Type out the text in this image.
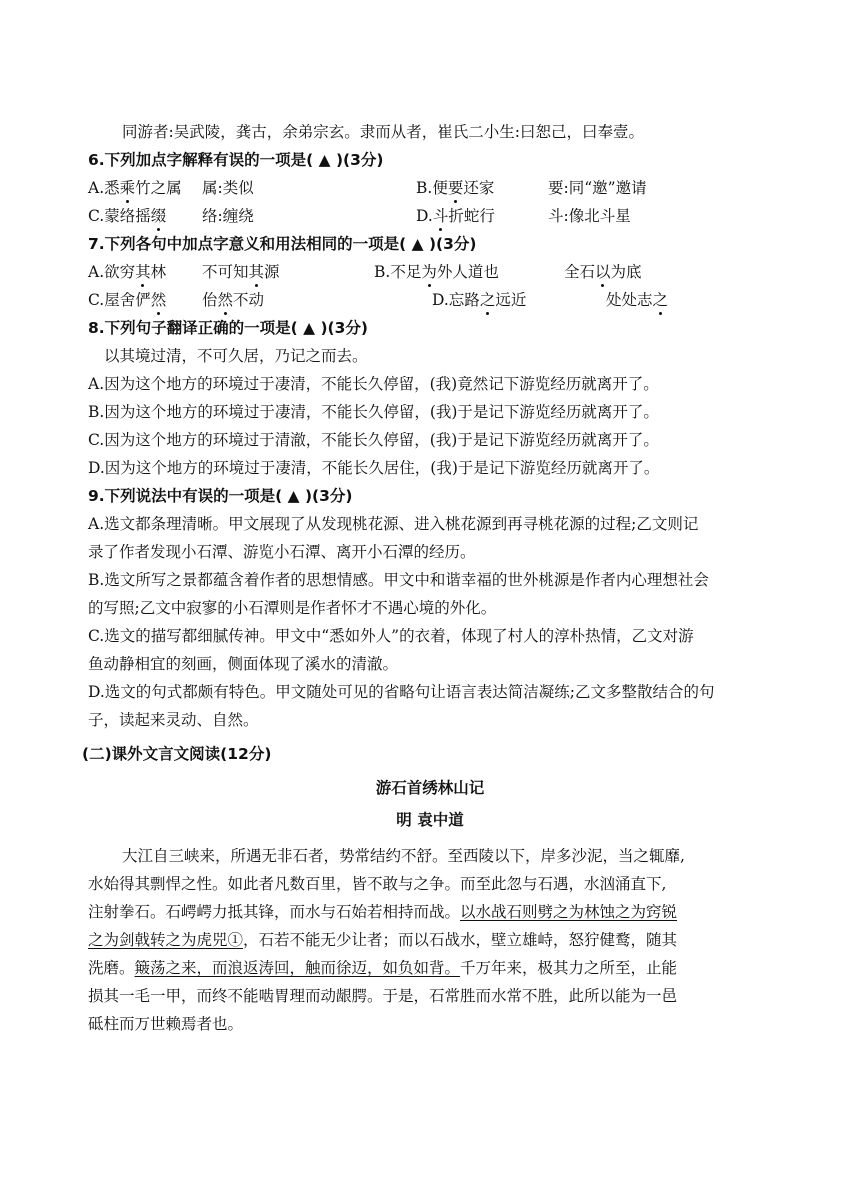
同游者:吴武陵，龚古，余弟宗玄。隶而从者，崔氏二小生:曰恕己，曰奉壹。
6.下列加点字解释有误的一项是( ▲ )(3分)
A.悉乘竹之属 属:类似	B.便要还家	要:同“邀”邀请
C.蒙络摇缀 络:缠绕	D.斗折蛇行	斗:像北斗星
7.下列各句中加点字意义和用法相同的一项是( ▲ )(3分)
A.欲穷其林 不可知其源	B.不足为外人道也	全石以为底
C.屋舍俨然 佁然不动	D.忘路之远近	处处志之
8.下列句子翻译正确的一项是( ▲ )(3分)
以其境过清，不可久居，乃记之而去。
A.因为这个地方的环境过于凄清，不能长久停留，(我)竟然记下游览经历就离开了。
B.因为这个地方的环境过于凄清，不能长久停留，(我)于是记下游览经历就离开了。
C.因为这个地方的环境过于清澈，不能长久停留，(我)于是记下游览经历就离开了。
D.因为这个地方的环境过于凄清，不能长久居住，(我)于是记下游览经历就离开了。
9.下列说法中有误的一项是( ▲ )(3分)
A.选文都条理清晰。甲文展现了从发现桃花源、进入桃花源到再寻桃花源的过程;乙文则记
录了作者发现小石潭、游览小石潭、离开小石潭的经历。
B.选文所写之景都蕴含着作者的思想情感。甲文中和谐幸福的世外桃源是作者内心理想社会
的写照;乙文中寂寥的小石潭则是作者怀才不遇心境的外化。
C.选文的描写都细腻传神。甲文中“悉如外人”的衣着，体现了村人的淳朴热情，乙文对游
鱼动静相宜的刻画，侧面体现了溪水的清澈。
D.选文的句式都颇有特色。甲文随处可见的省略句让语言表达简洁凝练;乙文多整散结合的句
子，读起来灵动、自然。
(二)课外文言文阅读(12分)
游石首绣林山记
明 袁中道
大江自三峡来，所遇无非石者，势常结约不舒。至西陵以下，岸多沙泥，当之辄靡,
水始得其剽悍之性。如此者凡数百里，皆不敢与之争。而至此忽与石遇，水汹涌直下,
注射拳石。石崿崿力抵其锋，而水与石始若相持而战。以水战石则劈之为林蚀之为窍锐
之为剑戟转之为虎兕①，石若不能无少让者；而以石战水，壁立雄峙，怒狞健鹜，随其
洗磨。簸荡之来，而浪返涛回，触而徐迈，如负如背。千万年来，极其力之所至，止能
损其一毛一甲，而终不能啮胃理而动龈腭。于是，石常胜而水常不胜，此所以能为一邑
砥柱而万世赖焉者也。
